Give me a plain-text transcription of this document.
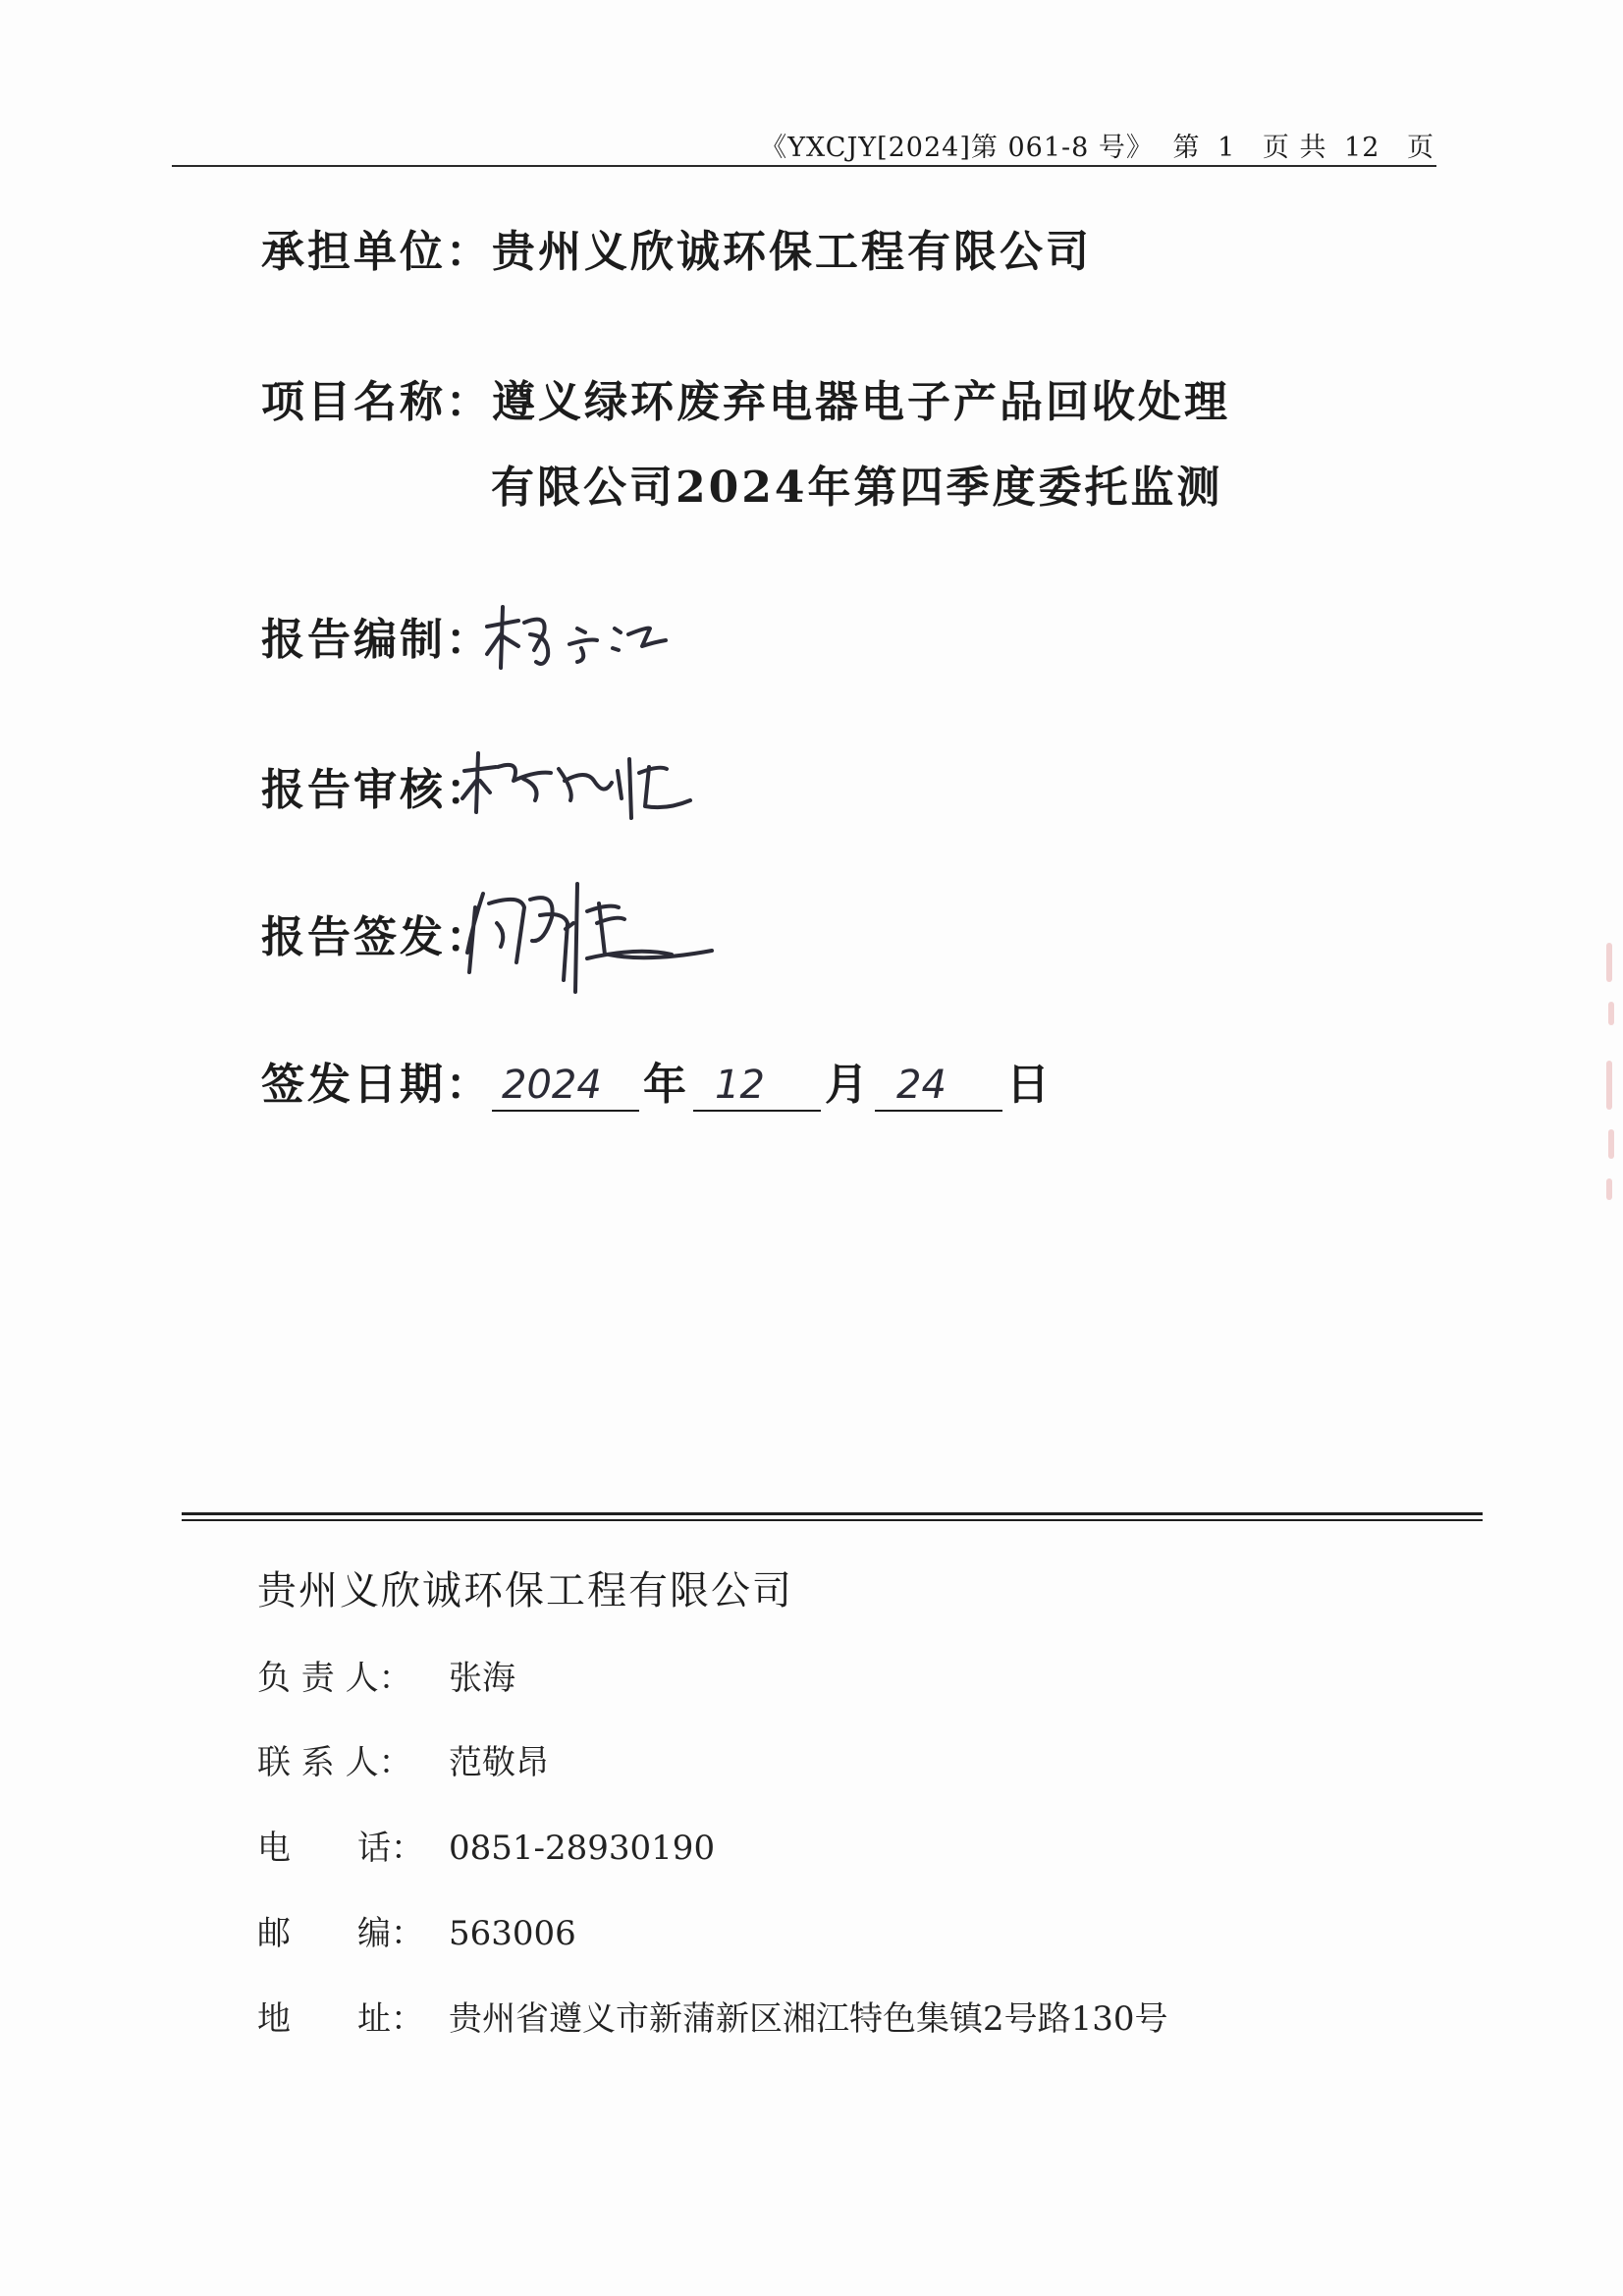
《YXCJY[2024]第 061-8 号》 第 1 页 共 12 页
承担单位：贵州义欣诚环保工程有限公司
项目名称：遵义绿环废弃电器电子产品回收处理
有限公司2024年第四季度委托监测
报告编制：
报告审核：
报告签发：
签发日期： 2024 年 12 月 24 日
贵州义欣诚环保工程有限公司
负 责 人： 张海
联 系 人： 范敬昂
电　　话： 0851-28930190
邮　　编： 563006
地　　址： 贵州省遵义市新蒲新区湘江特色集镇2号路130号
